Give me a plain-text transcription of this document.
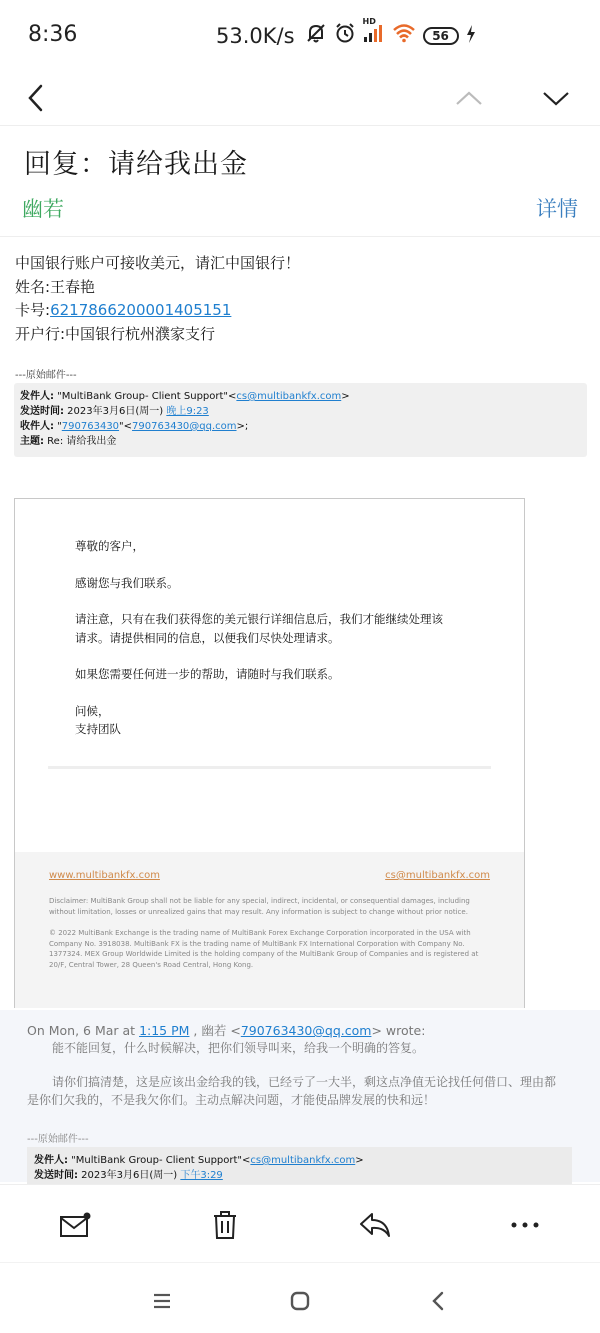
8:36	53.0K/s
HD
56
回复：请给我出金
幽若	详情
中国银行账户可接收美元，请汇中国银行！
姓名:王春艳
卡号:6217866200001405151
开户行:中国银行杭州濮家支行
---原始邮件---
发件人: "MultiBank Group- Client Support"<cs@multibankfx.com>
发送时间: 2023年3月6日(周一) 晚上9:23
收件人: "790763430"<790763430@qq.com>;
主题: Re: 请给我出金

尊敬的客户，

感谢您与我们联系。

请注意，只有在我们获得您的美元银行详细信息后，我们才能继续处理该
请求。请提供相同的信息，以便我们尽快处理请求。

如果您需要任何进一步的帮助，请随时与我们联系。

问候，
支持团队
www.multibankfx.com	cs@multibankfx.com
Disclaimer: MultiBank Group shall not be liable for any special, indirect, incidental, or consequential damages, including without limitation, losses or unrealized gains that may result. Any information is subject to change without prior notice.
© 2022 MultiBank Exchange is the trading name of MultiBank Forex Exchange Corporation incorporated in the USA with Company No. 3918038. MultiBank FX is the trading name of MultiBank FX International Corporation with Company No. 1377324. MEX Group Worldwide Limited is the holding company of the MultiBank Group of Companies and is registered at 20/F, Central Tower, 28 Queen's Road Central, Hong Kong.
On Mon, 6 Mar at 1:15 PM , 幽若 <790763430@qq.com> wrote:
能不能回复，什么时候解决，把你们领导叫来，给我一个明确的答复。
请你们搞清楚，这是应该出金给我的钱，已经亏了一大半，剩这点净值无论找任何借口、理由都是你们欠我的，不是我欠你们。主动点解决问题，才能使品牌发展的快和远！
---原始邮件---
发件人: "MultiBank Group- Client Support"<cs@multibankfx.com>
发送时间: 2023年3月6日(周一) 下午3:29
